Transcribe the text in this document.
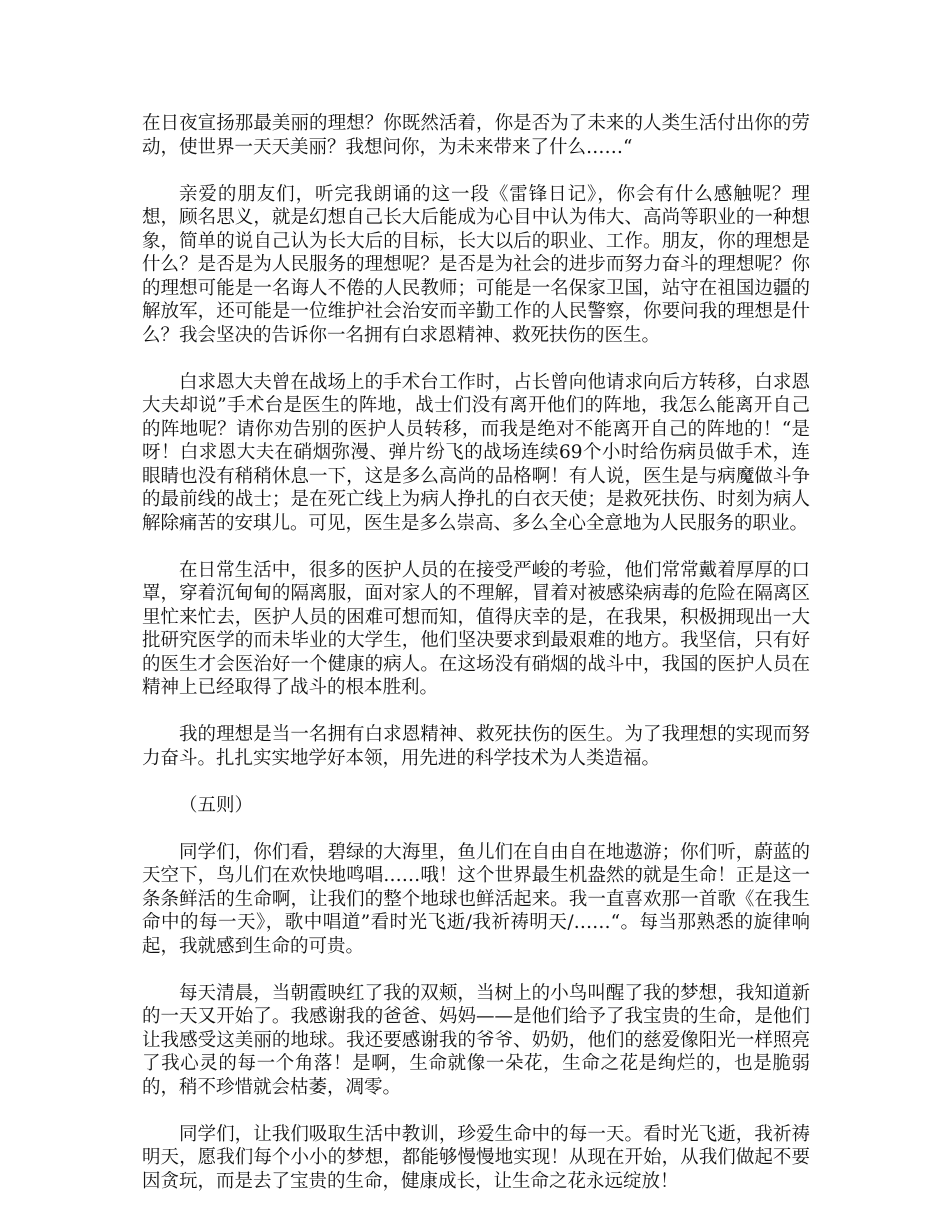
在日夜宣扬那最美丽的理想？你既然活着，你是否为了未来的人类生活付出你的劳动，使世界一天天美丽？我想问你，为未来带来了什么……“

亲爱的朋友们，听完我朗诵的这一段《雷锋日记》，你会有什么感触呢？理想，顾名思义，就是幻想自己长大后能成为心目中认为伟大、高尚等职业的一种想象，简单的说自己认为长大后的目标，长大以后的职业、工作。朋友，你的理想是什么？是否是为人民服务的理想呢？是否是为社会的进步而努力奋斗的理想呢？你的理想可能是一名诲人不倦的人民教师；可能是一名保家卫国，站守在祖国边疆的解放军，还可能是一位维护社会治安而辛勤工作的人民警察，你要问我的理想是什么？我会坚决的告诉你一名拥有白求恩精神、救死扶伤的医生。

白求恩大夫曾在战场上的手术台工作时，占长曾向他请求向后方转移，白求恩大夫却说”手术台是医生的阵地，战士们没有离开他们的阵地，我怎么能离开自己的阵地呢？请你劝告别的医护人员转移，而我是绝对不能离开自己的阵地的！“是呀！白求恩大夫在硝烟弥漫、弹片纷飞的战场连续69个小时给伤病员做手术，连眼睛也没有稍稍休息一下，这是多么高尚的品格啊！有人说，医生是与病魔做斗争的最前线的战士；是在死亡线上为病人挣扎的白衣天使；是救死扶伤、时刻为病人解除痛苦的安琪儿。可见，医生是多么崇高、多么全心全意地为人民服务的职业。

在日常生活中，很多的医护人员的在接受严峻的考验，他们常常戴着厚厚的口罩，穿着沉甸甸的隔离服，面对家人的不理解，冒着对被感染病毒的危险在隔离区里忙来忙去，医护人员的困难可想而知，值得庆幸的是，在我果，积极拥现出一大批研究医学的而未毕业的大学生，他们坚决要求到最艰难的地方。我坚信，只有好的医生才会医治好一个健康的病人。在这场没有硝烟的战斗中，我国的医护人员在精神上已经取得了战斗的根本胜利。

我的理想是当一名拥有白求恩精神、救死扶伤的医生。为了我理想的实现而努力奋斗。扎扎实实地学好本领，用先进的科学技术为人类造福。

（五则）

同学们，你们看，碧绿的大海里，鱼儿们在自由自在地遨游；你们听，蔚蓝的天空下，鸟儿们在欢快地鸣唱……哦！这个世界最生机盎然的就是生命！正是这一条条鲜活的生命啊，让我们的整个地球也鲜活起来。我一直喜欢那一首歌《在我生命中的每一天》，歌中唱道”看时光飞逝/我祈祷明天/……“。每当那熟悉的旋律响起，我就感到生命的可贵。

每天清晨，当朝霞映红了我的双颊，当树上的小鸟叫醒了我的梦想，我知道新的一天又开始了。我感谢我的爸爸、妈妈——是他们给予了我宝贵的生命，是他们让我感受这美丽的地球。我还要感谢我的爷爷、奶奶，他们的慈爱像阳光一样照亮了我心灵的每一个角落！是啊，生命就像一朵花，生命之花是绚烂的，也是脆弱的，稍不珍惜就会枯萎，凋零。

同学们，让我们吸取生活中教训，珍爱生命中的每一天。看时光飞逝，我祈祷明天，愿我们每个小小的梦想，都能够慢慢地实现！从现在开始，从我们做起不要因贪玩，而是去了宝贵的生命，健康成长，让生命之花永远绽放！
